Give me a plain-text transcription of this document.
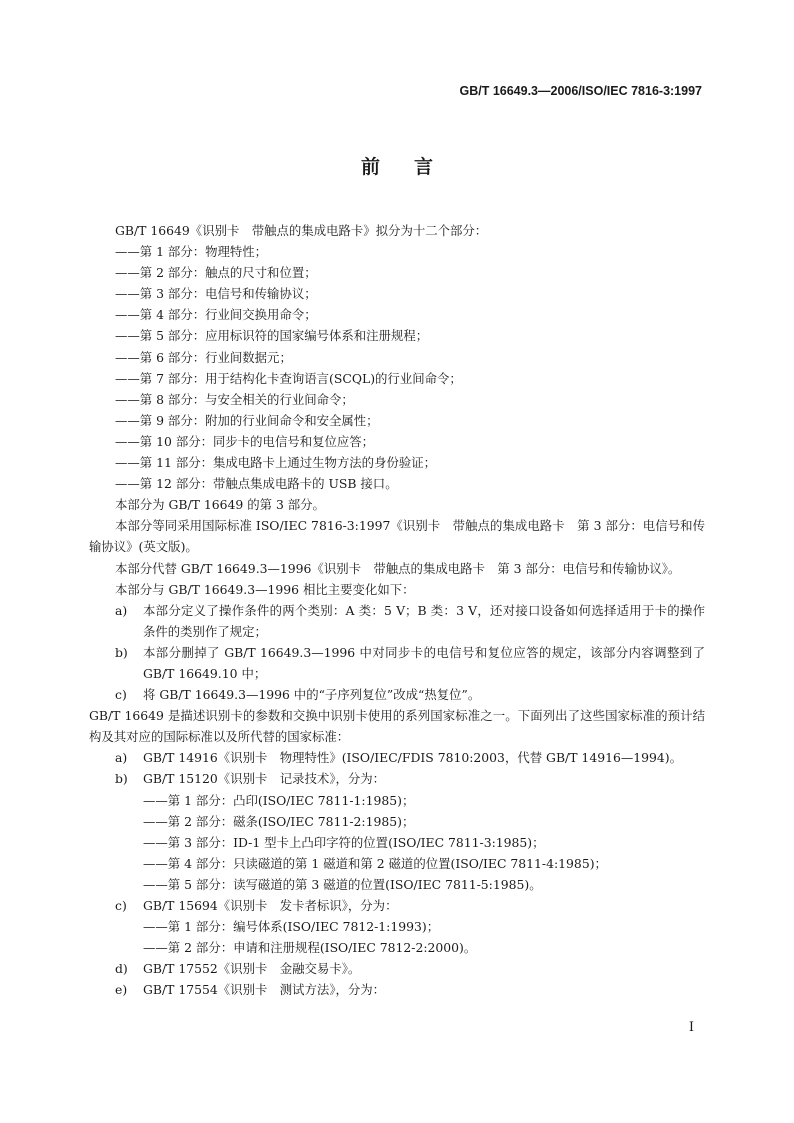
GB/T 16649.3—2006/ISO/IEC 7816-3:1997
前 言
GB/T 16649《识别卡　带触点的集成电路卡》拟分为十二个部分：
——第 1 部分：物理特性；
——第 2 部分：触点的尺寸和位置；
——第 3 部分：电信号和传输协议；
——第 4 部分：行业间交换用命令；
——第 5 部分：应用标识符的国家编号体系和注册规程；
——第 6 部分：行业间数据元；
——第 7 部分：用于结构化卡查询语言(SCQL)的行业间命令；
——第 8 部分：与安全相关的行业间命令；
——第 9 部分：附加的行业间命令和安全属性；
——第 10 部分：同步卡的电信号和复位应答；
——第 11 部分：集成电路卡上通过生物方法的身份验证；
——第 12 部分：带触点集成电路卡的 USB 接口。
本部分为 GB/T 16649 的第 3 部分。
本部分等同采用国际标准 ISO/IEC 7816-3:1997《识别卡　带触点的集成电路卡　第 3 部分：电信号和传输协议》(英文版)。
本部分代替 GB/T 16649.3—1996《识别卡　带触点的集成电路卡　第 3 部分：电信号和传输协议》。
本部分与 GB/T 16649.3—1996 相比主要变化如下：
a)	本部分定义了操作条件的两个类别：A 类：5 V；B 类：3 V，还对接口设备如何选择适用于卡的操作条件的类别作了规定；
b)	本部分删掉了 GB/T 16649.3—1996 中对同步卡的电信号和复位应答的规定，该部分内容调整到了 GB/T 16649.10 中；
c)	将 GB/T 16649.3—1996 中的“子序列复位”改成“热复位”。
GB/T 16649 是描述识别卡的参数和交换中识别卡使用的系列国家标准之一。下面列出了这些国家标准的预计结构及其对应的国际标准以及所代替的国家标准：
a)	GB/T 14916《识别卡　物理特性》(ISO/IEC/FDIS 7810:2003，代替 GB/T 14916—1994)。
b)	GB/T 15120《识别卡　记录技术》，分为：
——第 1 部分：凸印(ISO/IEC 7811-1:1985)；
——第 2 部分：磁条(ISO/IEC 7811-2:1985)；
——第 3 部分：ID-1 型卡上凸印字符的位置(ISO/IEC 7811-3:1985)；
——第 4 部分：只读磁道的第 1 磁道和第 2 磁道的位置(ISO/IEC 7811-4:1985)；
——第 5 部分：读写磁道的第 3 磁道的位置(ISO/IEC 7811-5:1985)。
c)	GB/T 15694《识别卡　发卡者标识》，分为：
——第 1 部分：编号体系(ISO/IEC 7812-1:1993)；
——第 2 部分：申请和注册规程(ISO/IEC 7812-2:2000)。
d)	GB/T 17552《识别卡　金融交易卡》。
e)	GB/T 17554《识别卡　测试方法》，分为：
I
